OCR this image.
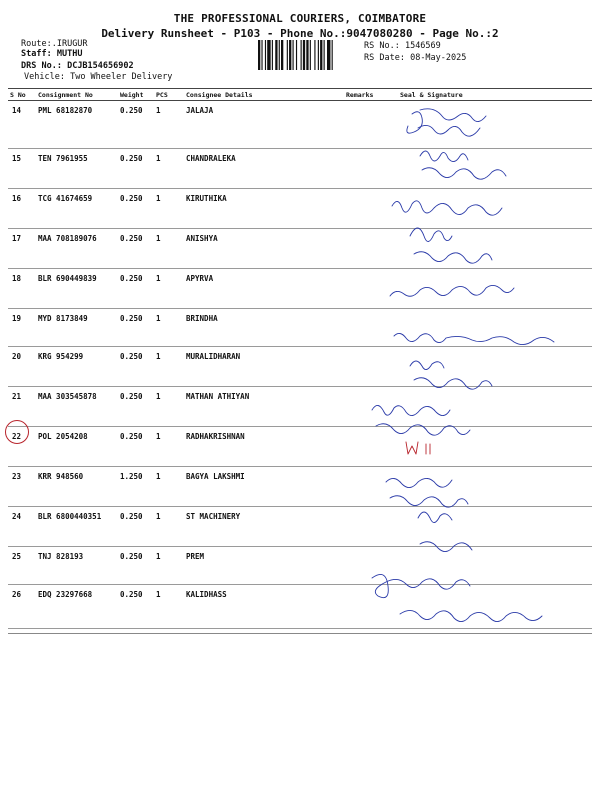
THE PROFESSIONAL COURIERS, COIMBATORE
Delivery Runsheet - P103 - Phone No.:9047080280 - Page No.:2
Route:.IRUGUR
Staff: MUTHU
DRS No.: DCJB154656902
Vehicle: Two Wheeler Delivery
RS No.: 1546569
RS Date: 08-May-2025
S No	Consignment No	Weight	PCS	Consignee Details	Remarks	Seal & Signature
14	PML 68182870	0.250	1	JALAJA		
15	TEN 7961955	0.250	1	CHANDRALEKA		
16	TCG 41674659	0.250	1	KIRUTHIKA		
17	MAA 708189076	0.250	1	ANISHYA		
18	BLR 690449839	0.250	1	APYRVA		
19	MYD 8173849	0.250	1	BRINDHA		
20	KRG 954299	0.250	1	MURALIDHARAN		
21	MAA 303545878	0.250	1	MATHAN ATHIYAN		
22	POL 2054208	0.250	1	RADHAKRISHNAN		
23	KRR 948560	1.250	1	BAGYA LAKSHMI		
24	BLR 6800440351	0.250	1	ST MACHINERY		
25	TNJ 828193	0.250	1	PREM		
26	EDQ 23297668	0.250	1	KALIDHASS		
